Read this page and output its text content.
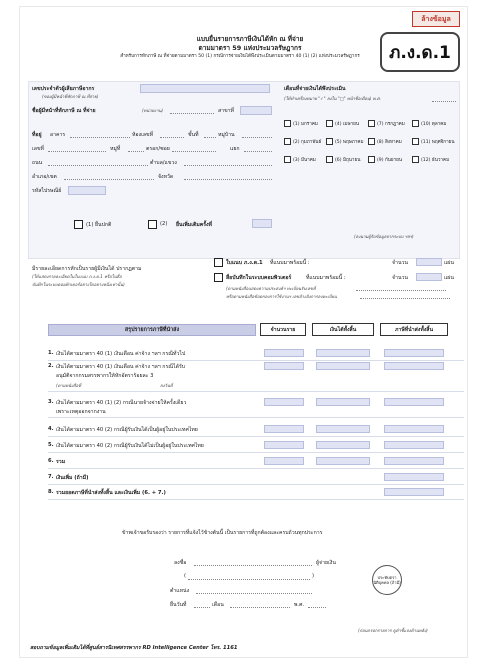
ล้างข้อมูล
แบบยื่นรายการภาษีเงินได้หัก ณ ที่จ่าย
ตามมาตรา 59 แห่งประมวลรัษฎากร
สำหรับการหักภาษี ณ ที่จ่ายตามมาตรา 50 (1) กรณีการจ่ายเงินได้พึงประเมินตามมาตรา 40 (1) (2) แห่งประมวลรัษฎากร	ภ.ง.ด.1
เลขประจำตัวผู้เสียภาษีอากร
(ของผู้มีหน้าที่หักภาษี ณ ที่จ่าย)
ชื่อผู้มีหน้าที่หักภาษี ณ ที่จ่าย	(หน่วยงาน)	สาขาที่
ที่อยู่ อาคาร	ห้องเลขที่	ชั้นที่	หมู่บ้าน
เลขที่	หมู่ที่	ตรอก/ซอย	แยก
ถนน	ตำบล/แขวง
อำเภอ/เขต	จังหวัด
รหัสไปรษณีย์
(1) ยื่นปกติ	(2) ยื่นเพิ่มเติมครั้งที่
เดือนที่จ่ายเงินได้พึงประเมิน
(ให้ทำเครื่องหมาย "✓" ลงใน "□" หน้าชื่อเดือน) พ.ศ.
(1) มกราคม	(4) เมษายน	(7) กรกฎาคม	(10) ตุลาคม
(2) กุมภาพันธ์	(5) พฤษภาคม	(8) สิงหาคม	(11) พฤศจิกายน
(3) มีนาคม	(6) มิถุนายน	(9) กันยายน	(12) ธันวาคม
(ลงนามผู้รับข้อมูลจากระบบ ฯลฯ)
มีรายละเอียดการหักเป็นรายผู้มีเงินได้ ปรากฏตาม
(ให้แสดงรายละเอียดในใบแนบ ภ.ง.ด.1 หรือในสื่อ
บันทึกในระบบคอมพิวเตอร์อย่างใดอย่างหนึ่งเท่านั้น)
ใบแนบ ภ.ง.ด.1 ที่แนบมาพร้อมนี้ :	จำนวน	แผ่น
สื่อบันทึกในระบบคอมพิวเตอร์	ที่แนบมาพร้อมนี้ :	จำนวน	แผ่น
(ตามหนังสือแสดงความประสงค์ฯ ทะเบียนรับเลขที่
หรือตามหนังสือข้อตกลงการใช้งานฯ เลขอ้างอิงการลงทะเบียน
สรุปรายการภาษีที่นำส่ง	จำนวนราย	เงินได้ทั้งสิ้น	ภาษีที่นำส่งทั้งสิ้น
1. เงินได้ตามมาตรา 40 (1) เงินเดือน ค่าจ้าง ฯลฯ กรณีทั่วไป
2. เงินได้ตามมาตรา 40 (1) เงินเดือน ค่าจ้าง ฯลฯ กรณีได้รับ
อนุมัติจากกรมสรรพากรให้หักอัตราร้อยละ 3
(ตามหนังสือที่	ลงวันที่
3. เงินได้ตามมาตรา 40 (1) (2) กรณีนายจ้างจ่ายให้ครั้งเดียว
เพราะเหตุออกจากงาน
4. เงินได้ตามมาตรา 40 (2) กรณีผู้รับเงินได้เป็นผู้อยู่ในประเทศไทย
5. เงินได้ตามมาตรา 40 (2) กรณีผู้รับเงินได้ไม่เป็นผู้อยู่ในประเทศไทย
6. รวม
7. เงินเพิ่ม (ถ้ามี)
8. รวมยอดภาษีที่นำส่งทั้งสิ้น และเงินเพิ่ม (6. + 7.)
ข้าพเจ้าขอรับรองว่า รายการที่แจ้งไว้ข้างต้นนี้ เป็นรายการที่ถูกต้องและครบถ้วนทุกประการ
ลงชื่อ	ผู้จ่ายเงิน
(	)
ตำแหน่ง
ยื่นวันที่	เดือน	พ.ศ.
ประทับตรา นิติบุคคล (ถ้ามี)
(ก่อนกรอกรายการ ดูคำชี้แจงด้านหลัง)
สอบถามข้อมูลเพิ่มเติมได้ที่ศูนย์สารนิเทศสรรพากร RD Intelligence Center โทร. 1161
